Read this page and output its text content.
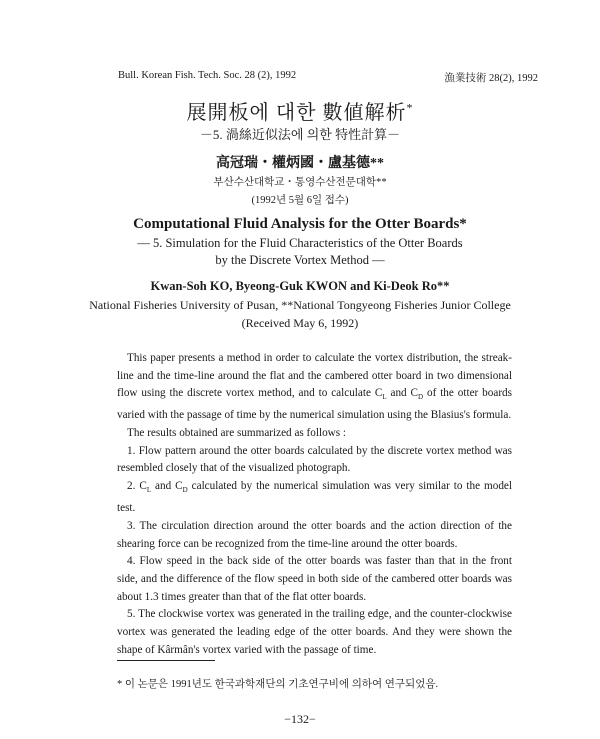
Bull. Korean Fish. Tech. Soc. 28 (2), 1992	漁業技術 28(2), 1992
展開板에 대한 數値解析*
－5. 渦絲近似法에 의한 特性計算－
高冠瑞・權炳國・盧基德**
부산수산대학교・통영수산전문대학**
(1992년 5월 6일 접수)
Computational Fluid Analysis for the Otter Boards*
— 5. Simulation for the Fluid Characteristics of the Otter Boards
by the Discrete Vortex Method —
Kwan-Soh KO, Byeong-Guk KWON and Ki-Deok Ro**
National Fisheries University of Pusan, **National Tongyeong Fisheries Junior College
(Received May 6, 1992)

This paper presents a method in order to calculate the vortex distribution, the streak-line and the time-line around the flat and the cambered otter board in two dimensional flow using the discrete vortex method, and to calculate $C_L$ and $C_D$ of the otter boards varied with the passage of time by the numerical simulation using the Blasius's formula.

The results obtained are summarized as follows :

1. Flow pattern around the otter boards calculated by the discrete vortex method was resembled closely that of the visualized photograph.

2. $C_L$ and $C_D$ calculated by the numerical simulation was very similar to the model test.

3. The circulation direction around the otter boards and the action direction of the shearing force can be recognized from the time-line around the otter boards.

4. Flow speed in the back side of the otter boards was faster than that in the front side, and the difference of the flow speed in both side of the cambered otter boards was about 1.3 times greater than that of the flat otter boards.

5. The clockwise vortex was generated in the trailing edge, and the counter-clockwise vortex was generated the leading edge of the otter boards. And they were shown the shape of Kârmân's vortex varied with the passage of time.

* 이 논문은 1991년도 한국과학재단의 기초연구비에 의하여 연구되었음.
−132−
